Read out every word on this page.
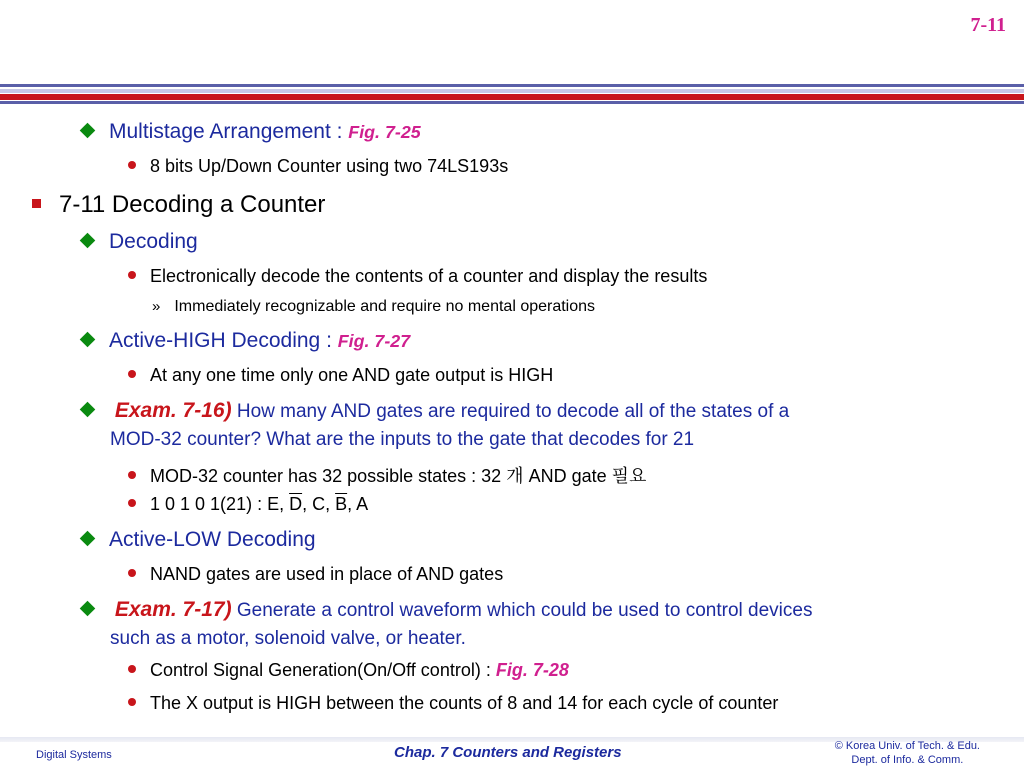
7-11
Multistage Arrangement : Fig. 7-25
8 bits Up/Down Counter using two 74LS193s
7-11 Decoding a Counter
Decoding
Electronically decode the contents of a counter and display the results
» Immediately recognizable and require no mental operations
Active-HIGH Decoding : Fig. 7-27
At any one time only one AND gate output is HIGH
Exam. 7-16) How many AND gates are required to decode all of the states of a
MOD-32 counter? What are the inputs to the gate that decodes for 21
MOD-32 counter has 32 possible states : 32 개 AND gate 필요
1 0 1 0 1(21) : E, $\overline{D}$, C, $\overline{B}$, A
Active-LOW Decoding
NAND gates are used in place of AND gates
Exam. 7-17) Generate a control waveform which could be used to control devices
such as a motor, solenoid valve, or heater.
Control Signal Generation(On/Off control) : Fig. 7-28
The X output is HIGH between the counts of 8 and 14 for each cycle of counter
Digital Systems	Chap. 7 Counters and Registers	© Korea Univ. of Tech. & Edu.
Dept. of Info. & Comm.
